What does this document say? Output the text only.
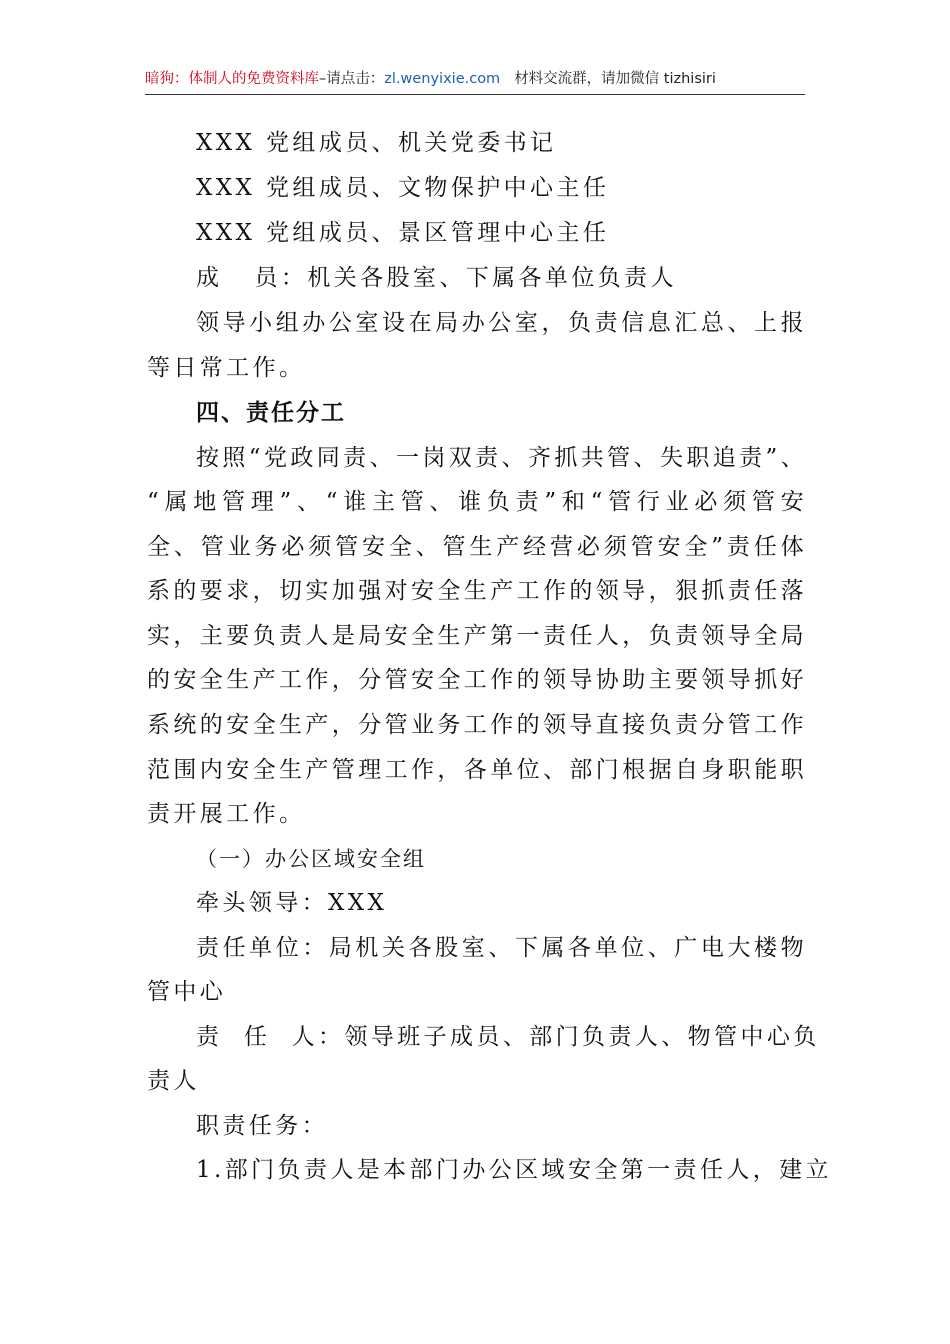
暗狗：体制人的免费资料库–请点击：zl.wenyixie.com 材料交流群，请加微信 tizhisiri
XXX 党组成员、机关党委书记
XXX 党组成员、文物保护中心主任
XXX 党组成员、景区管理中心主任
成   员：机关各股室、下属各单位负责人
领导小组办公室设在局办公室，负责信息汇总、上报
等日常工作。
四、责任分工
按照“党政同责、一岗双责、齐抓共管、失职追责”、
“属地管理”、“谁主管、谁负责”和“管行业必须管安
全、管业务必须管安全、管生产经营必须管安全”责任体
系的要求，切实加强对安全生产工作的领导，狠抓责任落
实，主要负责人是局安全生产第一责任人，负责领导全局
的安全生产工作，分管安全工作的领导协助主要领导抓好
系统的安全生产，分管业务工作的领导直接负责分管工作
范围内安全生产管理工作，各单位、部门根据自身职能职
责开展工作。
（一）办公区域安全组
牵头领导：XXX
责任单位：局机关各股室、下属各单位、广电大楼物
管中心
责  任  人：领导班子成员、部门负责人、物管中心负
责人
职责任务：
1.部门负责人是本部门办公区域安全第一责任人，建立
